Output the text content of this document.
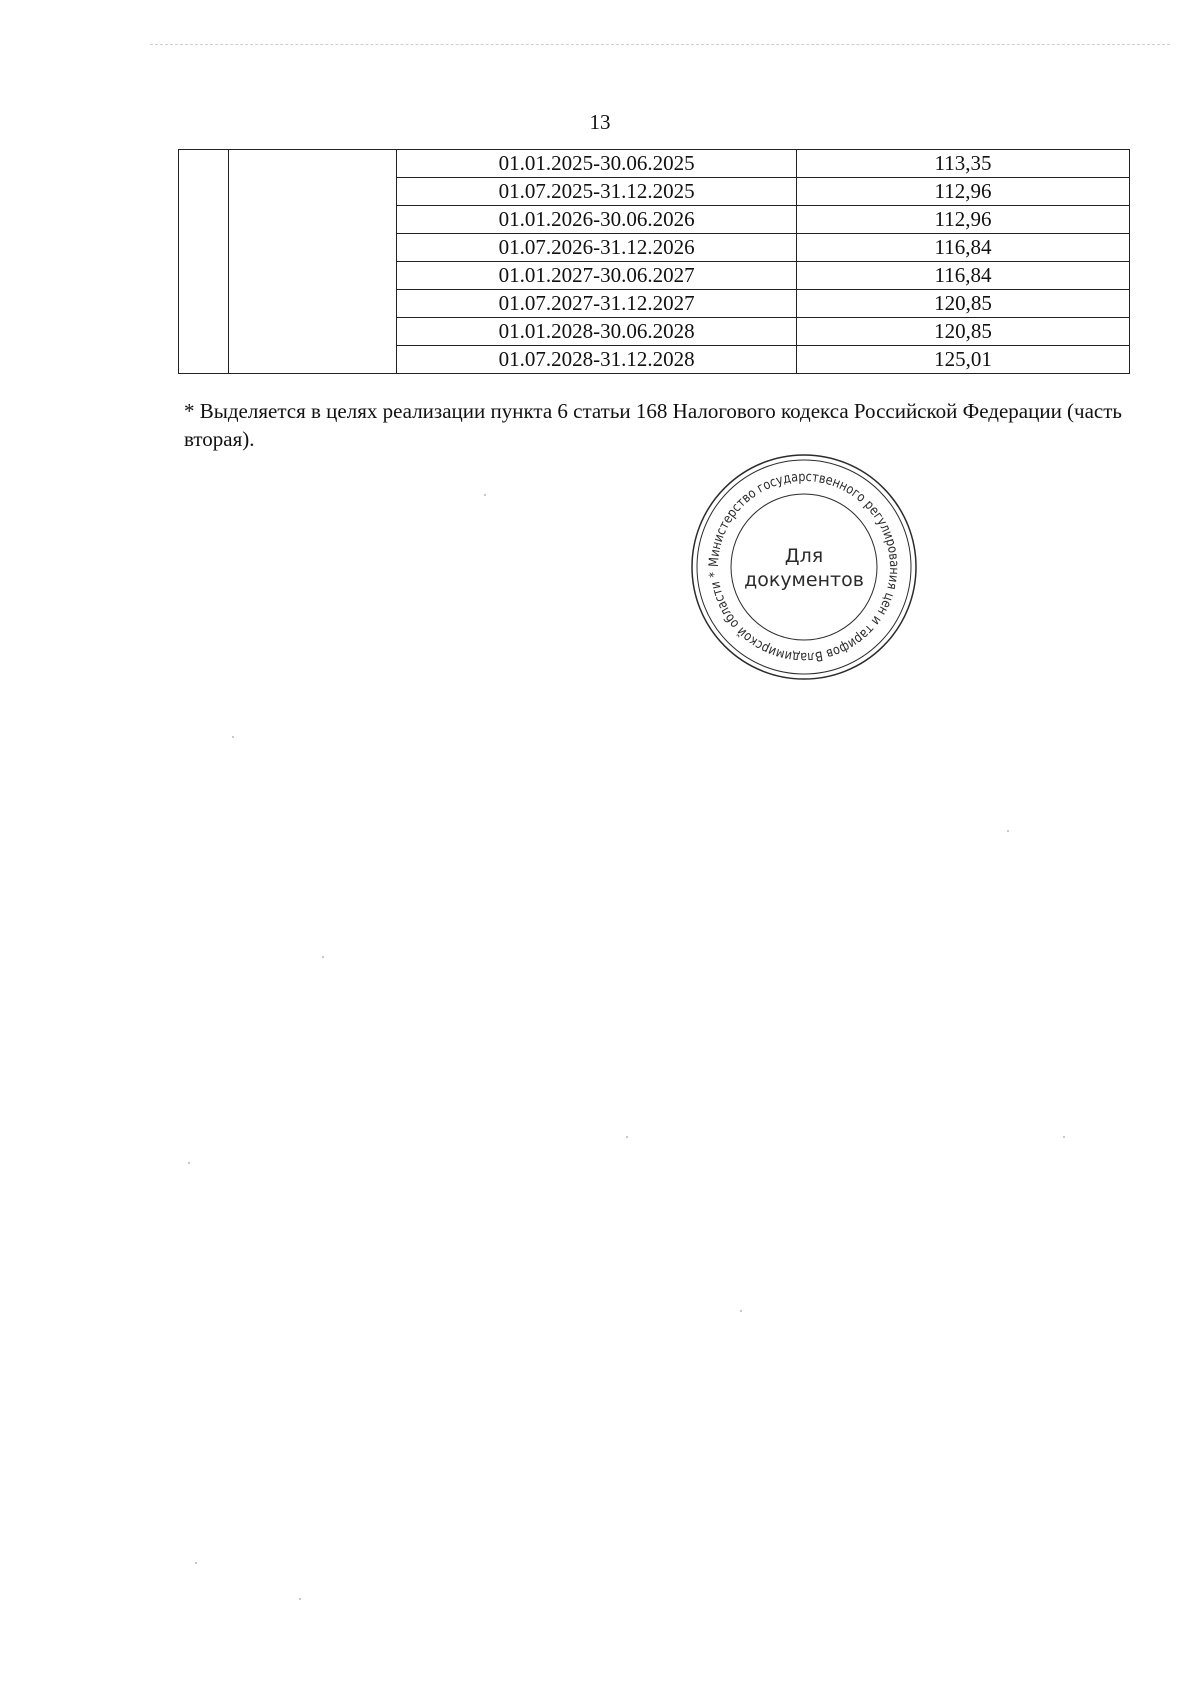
13
		01.01.2025-30.06.2025	113,35
		01.07.2025-31.12.2025	112,96
		01.01.2026-30.06.2026	112,96
		01.07.2026-31.12.2026	116,84
		01.01.2027-30.06.2027	116,84
		01.07.2027-31.12.2027	120,85
		01.01.2028-30.06.2028	120,85
		01.07.2028-31.12.2028	125,01
* Выделяется в целях реализации пункта 6 статьи 168 Налогового кодекса Российской Федерации (часть вторая).
Министерство государственного регулирования цен и тарифов Владимирской области *
Для
документов
